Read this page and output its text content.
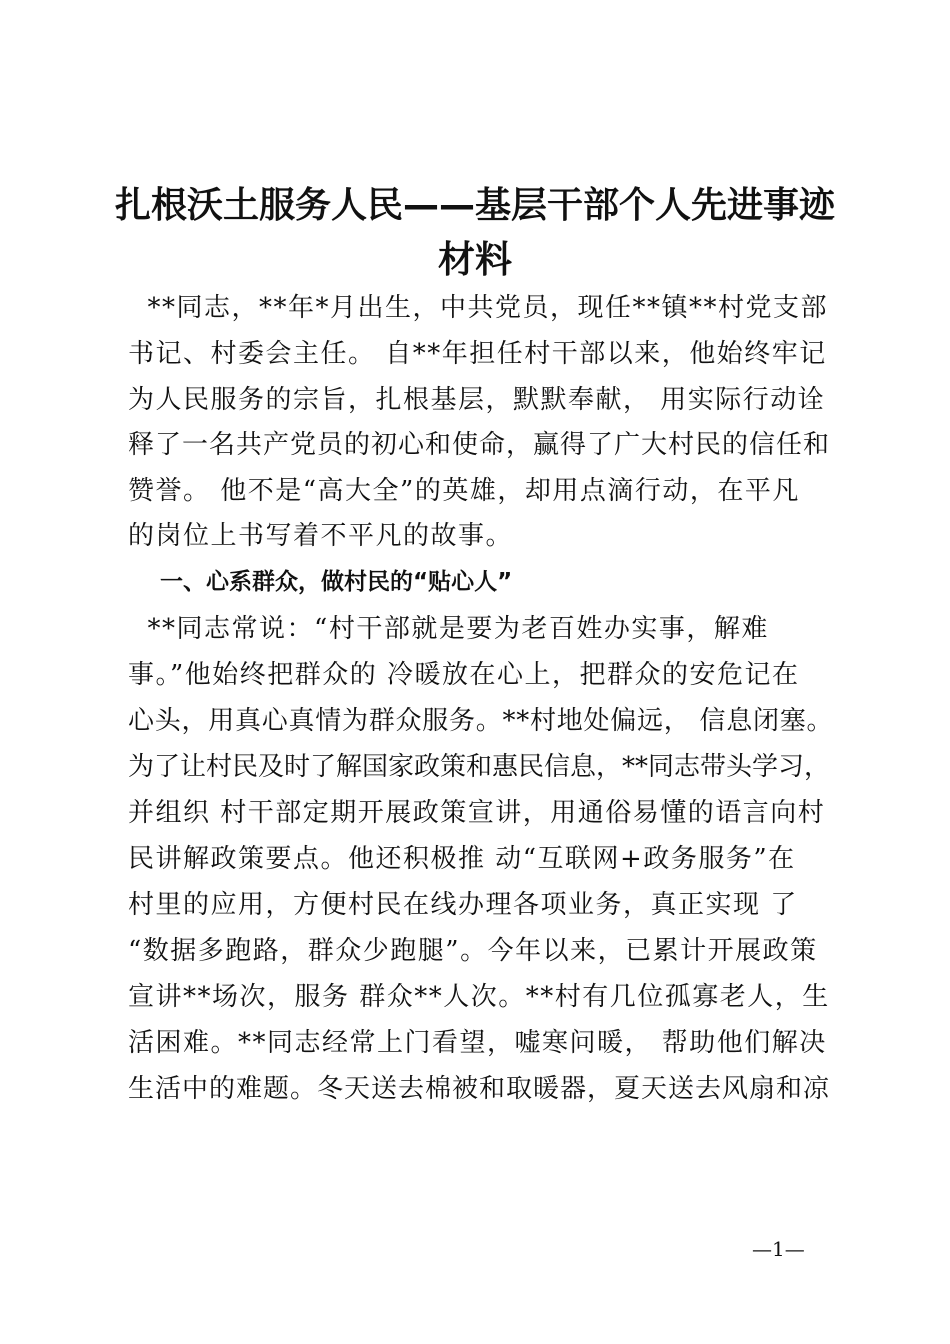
扎根沃土服务人民——基层干部个人先进事迹
材料
**同志，**年*月出生，中共党员，现任**镇**村党支部
书记、村委会主任。 自**年担任村干部以来，他始终牢记
为人民服务的宗旨，扎根基层，默默奉献， 用实际行动诠
释了一名共产党员的初心和使命，赢得了广大村民的信任和
赞誉。 他不是“高大全”的英雄，却用点滴行动，在平凡
的岗位上书写着不平凡的故事。
一、心系群众，做村民的“贴心人”
**同志常说：“村干部就是要为老百姓办实事，解难
事。”他始终把群众的 冷暖放在心上，把群众的安危记在
心头，用真心真情为群众服务。**村地处偏远， 信息闭塞。
为了让村民及时了解国家政策和惠民信息，**同志带头学习，
并组织 村干部定期开展政策宣讲，用通俗易懂的语言向村
民讲解政策要点。他还积极推 动“互联网+政务服务”在
村里的应用，方便村民在线办理各项业务，真正实现 了
“数据多跑路，群众少跑腿”。今年以来，已累计开展政策
宣讲**场次，服务 群众**人次。**村有几位孤寡老人，生
活困难。**同志经常上门看望，嘘寒问暖， 帮助他们解决
生活中的难题。冬天送去棉被和取暖器，夏天送去风扇和凉
—1—
